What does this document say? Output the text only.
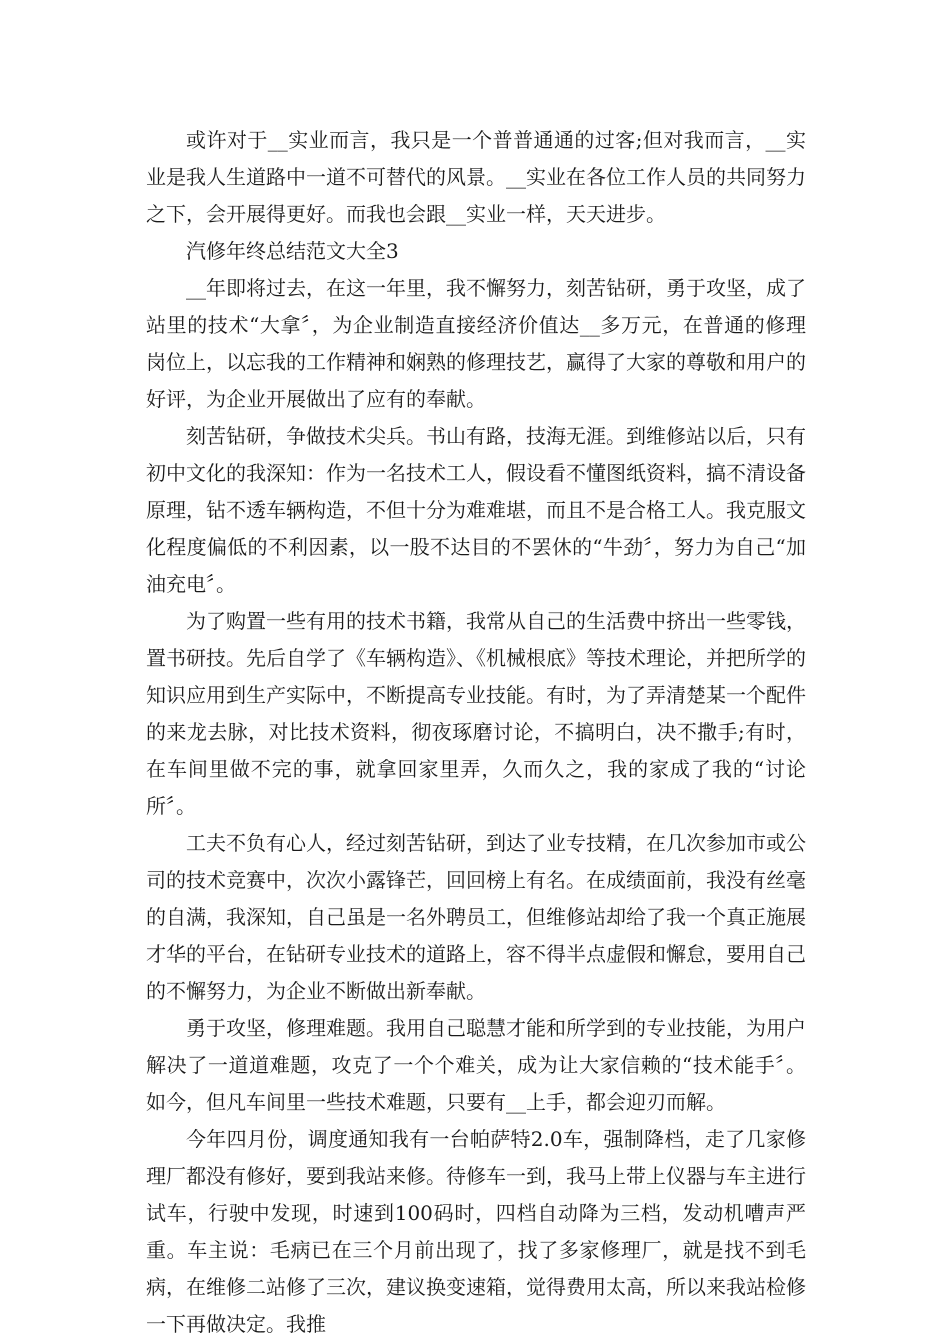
或许对于__实业而言，我只是一个普普通通的过客;但对我而言，__实业是我人生道路中一道不可替代的风景。__实业在各位工作人员的共同努力之下，会开展得更好。而我也会跟__实业一样，天天进步。

汽修年终总结范文大全3

__年即将过去，在这一年里，我不懈努力，刻苦钻研，勇于攻坚，成了站里的技术“大拿〞，为企业制造直接经济价值达__多万元，在普通的修理岗位上，以忘我的工作精神和娴熟的修理技艺，赢得了大家的尊敬和用户的好评，为企业开展做出了应有的奉献。

刻苦钻研，争做技术尖兵。书山有路，技海无涯。到维修站以后，只有初中文化的我深知：作为一名技术工人，假设看不懂图纸资料，搞不清设备原理，钻不透车辆构造，不但十分为难难堪，而且不是合格工人。我克服文化程度偏低的不利因素，以一股不达目的不罢休的“牛劲〞，努力为自己“加油充电〞。

为了购置一些有用的技术书籍，我常从自己的生活费中挤出一些零钱，置书研技。先后自学了《车辆构造》、《机械根底》等技术理论，并把所学的知识应用到生产实际中，不断提高专业技能。有时，为了弄清楚某一个配件的来龙去脉，对比技术资料，彻夜琢磨讨论，不搞明白，决不撒手;有时，在车间里做不完的事，就拿回家里弄，久而久之，我的家成了我的“讨论所〞。

工夫不负有心人，经过刻苦钻研，到达了业专技精，在几次参加市或公司的技术竞赛中，次次小露锋芒，回回榜上有名。在成绩面前，我没有丝毫的自满，我深知，自己虽是一名外聘员工，但维修站却给了我一个真正施展才华的平台，在钻研专业技术的道路上，容不得半点虚假和懈怠，要用自己的不懈努力，为企业不断做出新奉献。

勇于攻坚，修理难题。我用自己聪慧才能和所学到的专业技能，为用户解决了一道道难题，攻克了一个个难关，成为让大家信赖的“技术能手〞。如今，但凡车间里一些技术难题，只要有__上手，都会迎刃而解。

今年四月份，调度通知我有一台帕萨特2.0车，强制降档，走了几家修理厂都没有修好，要到我站来修。待修车一到，我马上带上仪器与车主进行试车，行驶中发现，时速到100码时，四档自动降为三档，发动机嘈声严重。车主说：毛病已在三个月前出现了，找了多家修理厂，就是找不到毛病，在维修二站修了三次，建议换变速箱，觉得费用太高，所以来我站检修一下再做决定。我推
